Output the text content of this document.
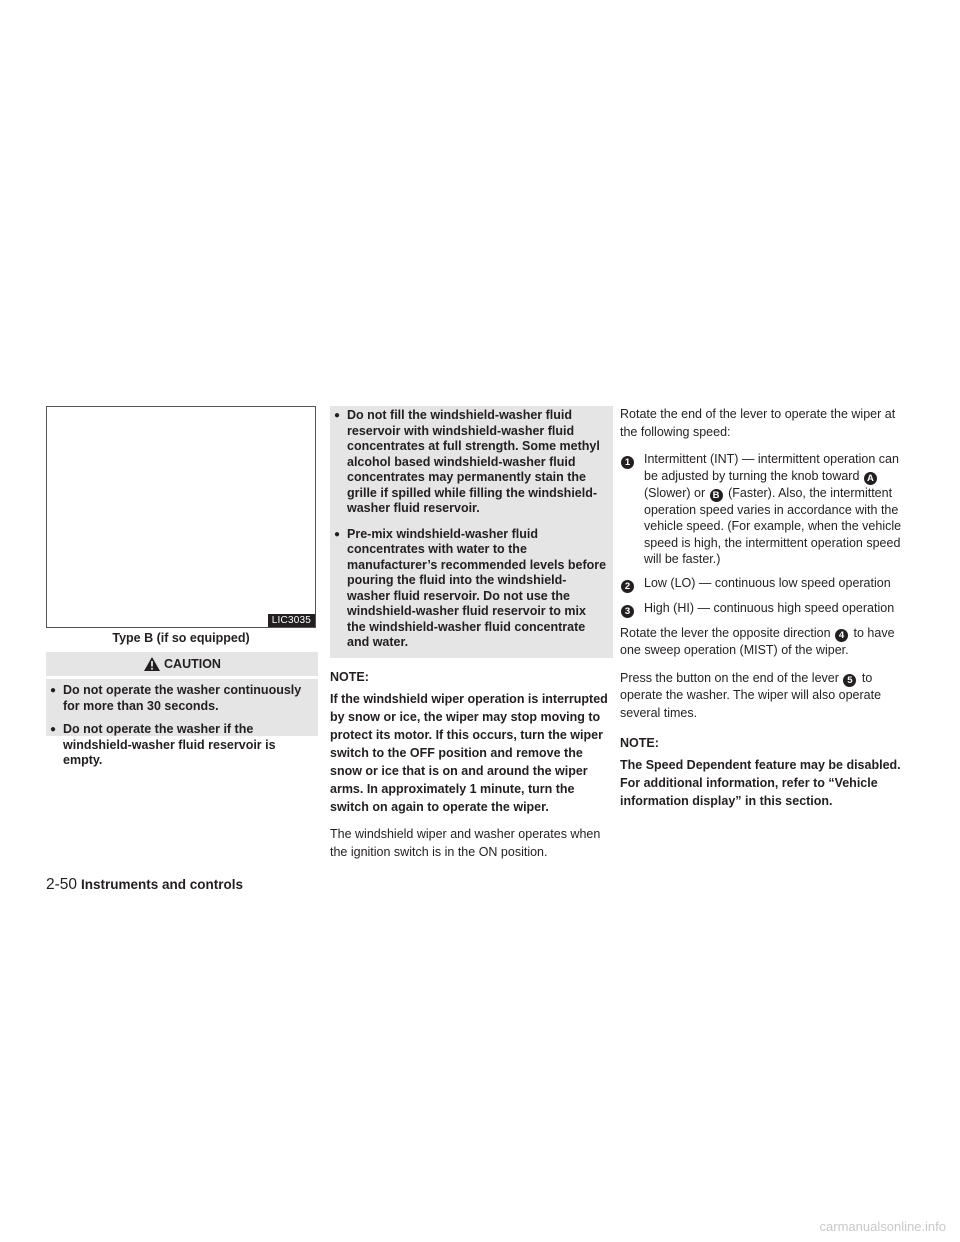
LIC3035
Type B (if so equipped)
CAUTION
● Do not operate the washer continuously for more than 30 seconds.
● Do not operate the washer if the windshield-washer fluid reservoir is empty.
● Do not fill the windshield-washer fluid reservoir with windshield-washer fluid concentrates at full strength. Some methyl alcohol based windshield-washer fluid concentrates may permanently stain the grille if spilled while filling the windshield-washer fluid reservoir.
● Pre-mix windshield-washer fluid concentrates with water to the manufacturer’s recommended levels before pouring the fluid into the windshield-washer fluid reservoir. Do not use the windshield-washer fluid reservoir to mix the windshield-washer fluid concentrate and water.

NOTE:

If the windshield wiper operation is interrupted by snow or ice, the wiper may stop moving to protect its motor. If this occurs, turn the wiper switch to the OFF position and remove the snow or ice that is on and around the wiper arms. In approximately 1 minute, turn the switch on again to operate the wiper.

The windshield wiper and washer operates when the ignition switch is in the ON position.

Rotate the end of the lever to operate the wiper at the following speed:

1	Intermittent (INT) — intermittent operation can be adjusted by turning the knob toward A (Slower) or B (Faster). Also, the intermittent operation speed varies in accordance with the vehicle speed. (For example, when the vehicle speed is high, the intermittent operation speed will be faster.)
2	Low (LO) — continuous low speed operation
3	High (HI) — continuous high speed operation

Rotate the lever the opposite direction 4 to have one sweep operation (MIST) of the wiper.

Press the button on the end of the lever 5 to operate the washer. The wiper will also operate several times.

NOTE:

The Speed Dependent feature may be disabled. For additional information, refer to “Vehicle information display” in this section.

2-50 Instruments and controls
carmanualsonline.info
